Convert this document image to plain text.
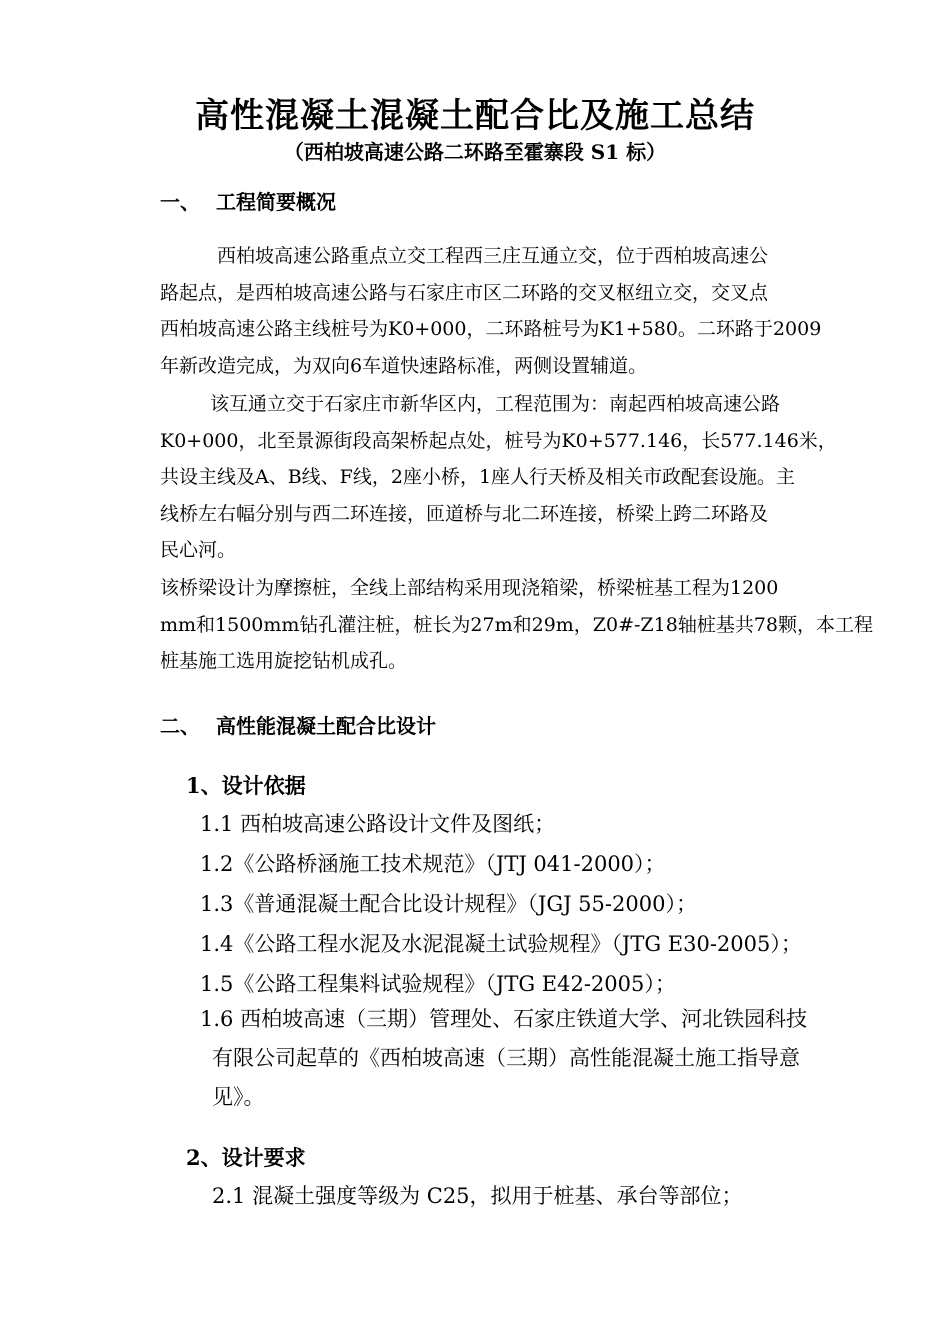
高性混凝土混凝土配合比及施工总结
（西柏坡高速公路二环路至霍寨段 S1 标）
一、 工程简要概况
西柏坡高速公路重点立交工程西三庄互通立交，位于西柏坡高速公
路起点，是西柏坡高速公路与石家庄市区二环路的交叉枢纽立交，交叉点
西柏坡高速公路主线桩号为K0+000，二环路桩号为K1+580。二环路于2009
年新改造完成，为双向6车道快速路标准，两侧设置辅道。
该互通立交于石家庄市新华区内，工程范围为：南起西柏坡高速公路
K0+000，北至景源街段高架桥起点处，桩号为K0+577.146，长577.146米，
共设主线及A、B线、F线，2座小桥，1座人行天桥及相关市政配套设施。主
线桥左右幅分别与西二环连接，匝道桥与北二环连接，桥梁上跨二环路及
民心河。
该桥梁设计为摩擦桩，全线上部结构采用现浇箱梁，桥梁桩基工程为1200
mm和1500mm钻孔灌注桩，桩长为27m和29m，Z0#-Z18轴桩基共78颗，本工程
桩基施工选用旋挖钻机成孔。
二、 高性能混凝土配合比设计
1、设计依据
1.1 西柏坡高速公路设计文件及图纸；
1.2《公路桥涵施工技术规范》（JTJ 041-2000）；
1.3《普通混凝土配合比设计规程》（JGJ 55-2000）；
1.4《公路工程水泥及水泥混凝土试验规程》（JTG E30-2005）；
1.5《公路工程集料试验规程》（JTG E42-2005）；
1.6 西柏坡高速（三期）管理处、石家庄铁道大学、河北铁园科技
有限公司起草的《西柏坡高速（三期）高性能混凝土施工指导意
见》。
2、设计要求
2.1 混凝土强度等级为 C25，拟用于桩基、承台等部位；
